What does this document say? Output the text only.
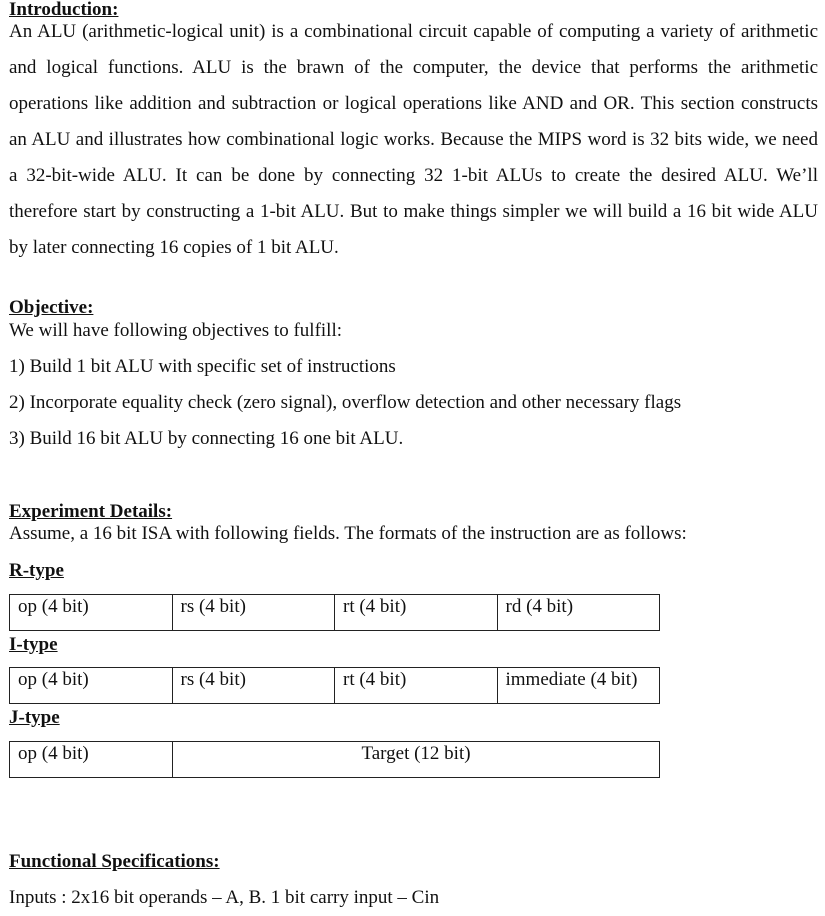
Introduction:
An ALU (arithmetic-logical unit) is a combinational circuit capable of computing a variety of arithmetic and logical functions. ALU is the brawn of the computer, the device that performs the arithmetic operations like addition and subtraction or logical operations like AND and OR. This section constructs an ALU and illustrates how combinational logic works. Because the MIPS word is 32 bits wide, we need a 32-bit-wide ALU. It can be done by connecting 32 1-bit ALUs to create the desired ALU. We’ll therefore start by constructing a 1-bit ALU. But to make things simpler we will build a 16 bit wide ALU by later connecting 16 copies of 1 bit ALU.
Objective:
We will have following objectives to fulfill:
1) Build 1 bit ALU with specific set of instructions
2) Incorporate equality check (zero signal), overflow detection and other necessary flags
3) Build 16 bit ALU by connecting 16 one bit ALU.
Experiment Details:
Assume, a 16 bit ISA with following fields. The formats of the instruction are as follows:
R-type
op (4 bit)	rs (4 bit)	rt (4 bit)	rd (4 bit)
I-type
op (4 bit)	rs (4 bit)	rt (4 bit)	immediate (4 bit)
J-type
op (4 bit)	Target (12 bit)
Functional Specifications:
Inputs : 2x16 bit operands – A, B. 1 bit carry input – Cin
